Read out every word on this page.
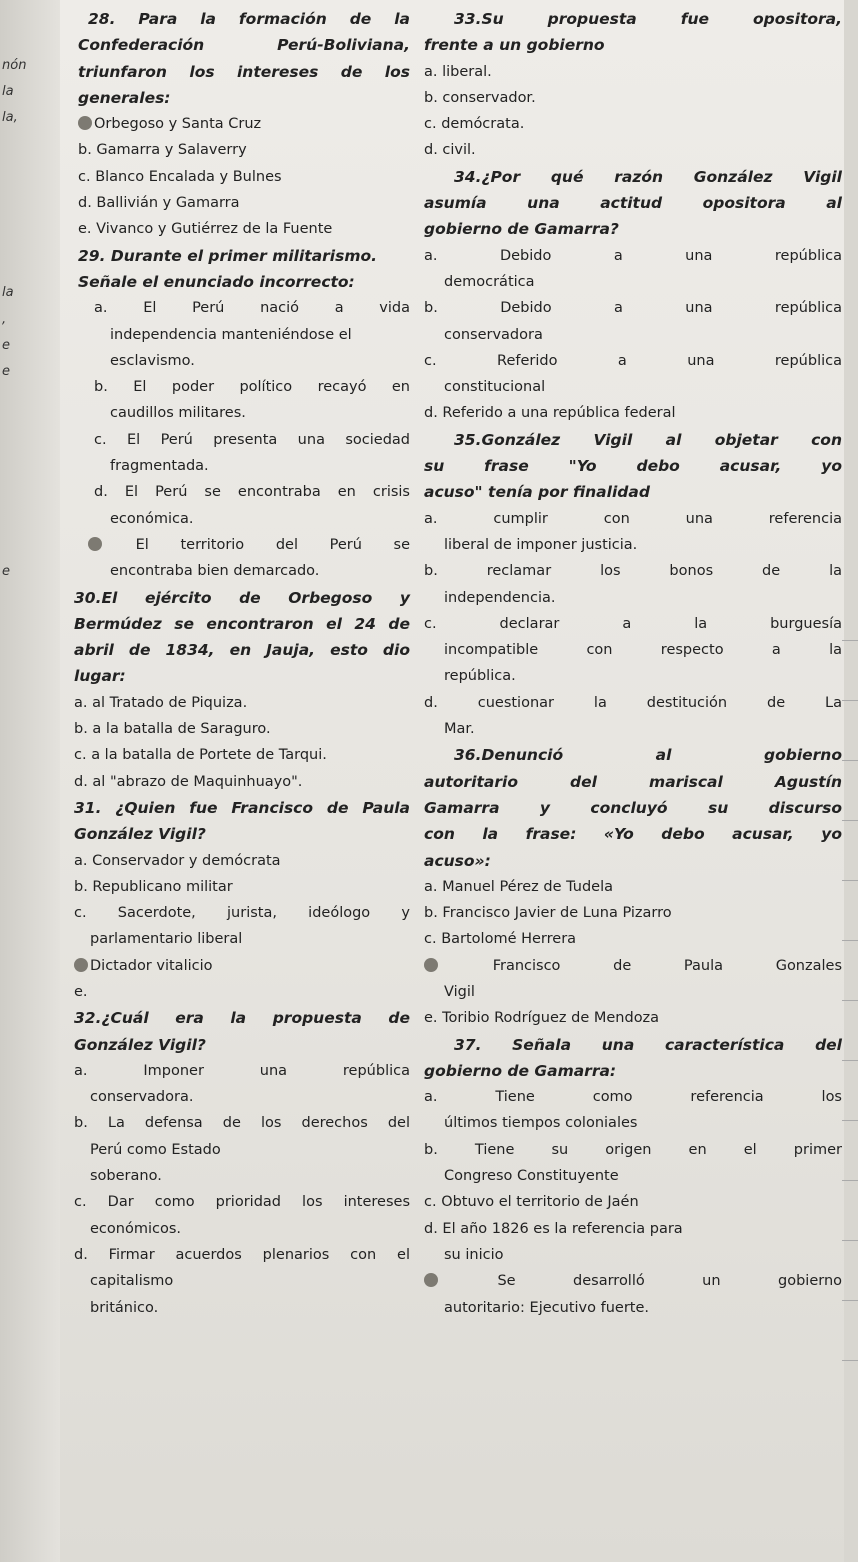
nón
la
la,
la
,
e
e
e
28. Para la formación de la
Confederación Perú-Boliviana,
triunfaron los intereses de los
generales:
Orbegoso y Santa Cruz
b. Gamarra y Salaverry
c. Blanco Encalada y Bulnes
d. Ballivián y Gamarra
e. Vivanco y Gutiérrez de la Fuente
29. Durante el primer militarismo.
Señale el enunciado incorrecto:
a. El Perú nació a vida
independencia manteniéndose el
esclavismo.
b. El poder político recayó en
caudillos militares.
c. El Perú presenta una sociedad
fragmentada.
d. El Perú se encontraba en crisis
económica.
El territorio del Perú se
encontraba bien demarcado.
30.El ejército de Orbegoso y
Bermúdez se encontraron el 24 de
abril de 1834, en Jauja, esto dio
lugar:
a. al Tratado de Piquiza.
b. a la batalla de Saraguro.
c. a la batalla de Portete de Tarqui.
d. al "abrazo de Maquinhuayo".
31. ¿Quien fue Francisco de Paula
González Vigil?
a. Conservador y demócrata
b. Republicano militar
c. Sacerdote, jurista, ideólogo y
parlamentario liberal
Dictador vitalicio
e.
32.¿Cuál era la propuesta de
González Vigil?
a. Imponer una república
conservadora.
b. La defensa de los derechos del
Perú como Estado
soberano.
c. Dar como prioridad los intereses
económicos.
d. Firmar acuerdos plenarios con el
capitalismo
británico.
33.Su propuesta fue opositora,
frente a un gobierno
a. liberal.
b. conservador.
c. demócrata.
d. civil.
34.¿Por qué razón González Vigil
asumía una actitud opositora al
gobierno de Gamarra?
a. Debido a una república
democrática
b. Debido a una república
conservadora
c. Referido a una república
constitucional
d. Referido a una república federal
35.González Vigil al objetar con
su frase "Yo debo acusar, yo
acuso" tenía por finalidad
a. cumplir con una referencia
liberal de imponer justicia.
b. reclamar los bonos de la
independencia.
c. declarar a la burguesía
incompatible con respecto a la
república.
d. cuestionar la destitución de La
Mar.
36.Denunció al gobierno
autoritario del mariscal Agustín
Gamarra y concluyó su discurso
con la frase: «Yo debo acusar, yo
acuso»:
a. Manuel Pérez de Tudela
b. Francisco Javier de Luna Pizarro
c. Bartolomé Herrera
Francisco de Paula Gonzales
Vigil
e. Toribio Rodríguez de Mendoza
37. Señala una característica del
gobierno de Gamarra:
a. Tiene como referencia los
últimos tiempos coloniales
b. Tiene su origen en el primer
Congreso Constituyente
c. Obtuvo el territorio de Jaén
d. El año 1826 es la referencia para
su inicio
Se desarrolló un gobierno
autoritario: Ejecutivo fuerte.
